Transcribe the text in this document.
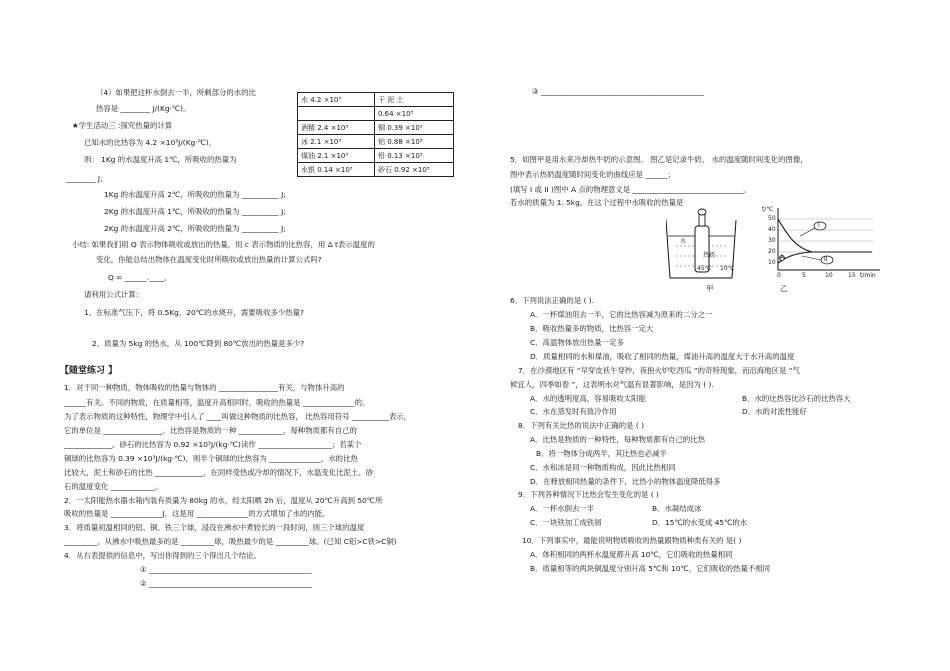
（4）如果把这杯水倒去一半，所剩部分的水的比
热容是 ________ J/(Kg·℃)。
★学生活动三 :探究热量的计算
已知水的比热容为 4.2 ×10³J/(Kg·℃)，
则： 1Kg 的水温度升高 1℃，所吸收的热量为
________ J;
1Kg 的水温度升高 2℃，所吸收的热量为 __________ J;
2Kg 的水温度升高 1℃，所吸收的热量为 __________ J;
2Kg 的水温度升高 2℃，所吸收的热量为 __________ J;
小结: 如果我们用 Q 表示物体吸收或放出的热量，用 c 表示物质的比热容，用 Δ t表示温度的
变化，你能总结出物体在温度变化时所吸收或放出热量的计算公式吗?
Q = ______.____。
请利用公式计算：
1、在标准气压下，将 0.5Kg，20℃的水烧开，需要吸收多少热量?
2、质量为 5kg 的热水，从 100℃降到 80℃放出的热量是多少?
【随堂练习 】
1．对于同一种物质，物体吸收的热量与物体的 ________________有关，与物体升高的
______有关。不同的物质，在质量相等，温度升高相同时，吸收的热量是 ______________的。
为了表示物质的这种特性，物理学中引入了 ____叫做这种物质的比热容， 比热容用符号 __________表示，
它的单位是 ________________。比热容是物质的一种 ____________，每种物质都有自己的
_____________。砂石的比热容为 0.92 ×10³J/(kg·℃)读作 ____________________；若某个
铜球的比热容为 0.39 ×10³J/(kg·℃)，则半个铜球的比热容为 ______________。水的比热
比较大，泥土和砂石的比热 _____________，在同样受热或冷却的情况下，水温变化比泥土、砂
石的温度变化 ____________。
2．一太阳能热水器水箱内装有质量为 80kg 的水，经太阳晒 2h 后，温度从 20℃升高到 50℃所
吸收的热量是 ______________J，这是用 ______________的方式增加了水的内能。
3．将质量初温相同的铝、铜、铁三个球，浸没在沸水中煮较长的一段时间，则三个球的温度
_________。从沸水中吸热最多的是 _________球，吸热最少的是 _________球。(已知 C铝>C铁>C铜)
4．从右表提供的信息中，写出你得到的三个得出几个结论。
① ____________________________________________
② ____________________________________________
水 4.2 ×10³	干 泥 土
	0.64 ×10³
酒精 2.4 ×10³	铜 0.39 ×10³
冰 2.1 ×10³	铝 0.88 ×10³
煤油 2.1 ×10³	铅 0.13 ×10³
水银 0.14 ×10³	砂石 0.92 ×10³
③ ____________________________________________
5．如图甲是用水来冷却热牛奶的示意图。 图乙是记录牛奶、 水的温度随时间变化的图像，
图中表示热奶温度随时间变化的曲线应是 ______；
(填写 I 或 II )图中 A 点的物理意义是 ______________________________。
若水的质量为 1. 5kg，在这个过程中水吸收的热量是
水
热奶
45℃ 10℃
甲
t/℃
50
40
30
20
10
0	5	10	15 t/min
I
II
A
乙
6．下列说法正确的是 ( ).
A．一杯煤油用去一半，它的比热容减为原来的二分之一
B．吸收热量多的物质，比热容一定大
C．高温物体放出热量一定多
D．质量相同的水和煤油，吸收了相同的热量，煤油升高的温度大于水升高的温度
7．在沙漠地区有 “早穿皮袄午穿纱，夜抱火炉吃西瓜 ”的奇特现象，而沿海地区是 “气
候宜人，四季如春 ”，这表明水对气温有显著影响，是因为 ( ).
A．水的透明度高，容易吸收太阳能	B．水的比热容比沙石的比热容大
C．水在蒸发时有致冷作用	D．水的对流性能好
8．下列有关比热的说法中正确的是 ( )
A．比热是物质的一种特性，每种物质都有自己的比热
B．将一物体分成两半，其比热也必减半
C．水和冰是同一种物质构成，因此比热相同
D．在释放相同热量的条件下，比热小的物体温度降低得多
9．下列各种情况下比热会发生变化的是 ( )
A．一杯水倒去一半	B．水凝结成冰
C．一块铁加工成铁屑	D．15℃的水变成 45℃的水
10．下列事实中，最能说明物质吸收的热量跟物质种类有关的 是( )
A．体积相同的两杯水温度都升高 10℃，它们吸收的热量相同
B．质量相等的两块铜温度分别升高 5℃和 10℃，它们吸收的热量不相同
